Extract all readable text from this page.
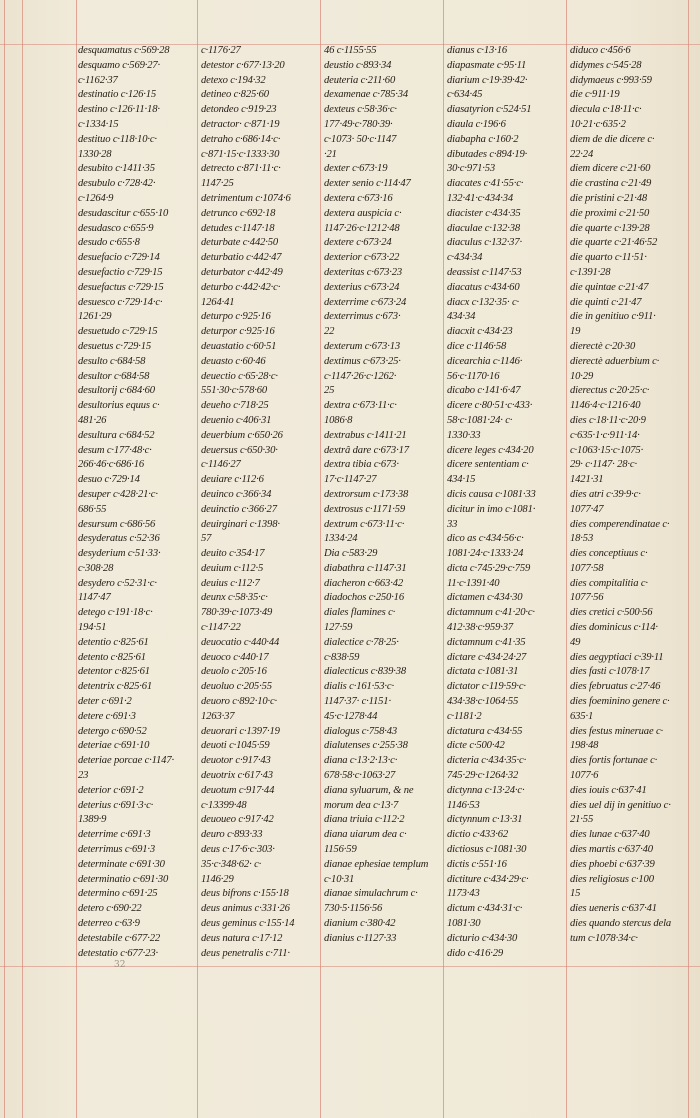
desquamatus c·569·28
desquamo c·569·27·
c·1162·37
destinatio c·126·15
destino c·126·11·18·
c·1334·15
destituo c·118·10·c·
1330·28
desubito c·1411·35
desubulo c·728·42·
c·1264·9
desudascitur c·655·10
desudasco c·655·9
desudo c·655·8
desuefacio c·729·14
desuefactio c·729·15
desuefactus c·729·15
desuesco c·729·14·c·
1261·29
desuetudo c·729·15
desuetus c·729·15
desulto c·684·58
desultor c·684·58
desultorij c·684·60
desultorius equus c·
481·26
desultura c·684·52
desum c·177·48·c·
266·46·c·686·16
desuo c·729·14
desuper c·428·21·c·
686·55
desursum c·686·56
desyderatus c·52·36
desyderium c·51·33·
c·308·28
desydero c·52·31·c·
1147·47
detego c·191·18·c·
194·51
detentio c·825·61
detento c·825·61
detentor c·825·61
detentrix c·825·61
deter c·691·2
detere c·691·3
detergo c·690·52
deteriae c·691·10
deteriae porcae c·1147·
23
deterior c·691·2
deterius c·691·3·c·
1389·9
deterrime c·691·3
deterrimus c·691·3
determinate c·691·30
determinatio c·691·30
determino c·691·25
detero c·690·22
deterreo c·63·9
detestabile c·677·22
detestatio c·677·23·
c·1176·27
detestor c·677·13·20
detexo c·194·32
detineo c·825·60
detondeo c·919·23
detractor· c·871·19
detraho c·686·14·c·
c·871·15·c·1333·30
detrecto c·871·11·c·
1147·25
detrimentum c·1074·6
detrunco c·692·18
detudes c·1147·18
deturbate c·442·50
deturbatio c·442·47
deturbator c·442·49
deturbo c·442·42·c·
1264·41
deturpo c·925·16
deturpor c·925·16
deuastatio c·60·51
deuasto c·60·46
deuectio c·65·28·c·
551·30·c·578·60
deueho c·718·25
deuenio c·406·31
deuerbium c·650·26
deuersus c·650·30·
c·1146·27
deuiare c·112·6
deuinco c·366·34
deuinctio c·366·27
deuirginari c·1398·
57
deuito c·354·17
deuium c·112·5
deuius c·112·7
deunx c·58·35·c·
780·39·c·1073·49
c·1147·22
deuocatio c·440·44
deuoco c·440·17
deuolo c·205·16
deuoluo c·205·55
deuoro c·892·10·c·
1263·37
deuorari c·1397·19
deuoti c·1045·59
deuotor c·917·43
deuotrix c·617·43
deuotum c·917·44
c·13399·48
deuoueo c·917·42
deuro c·893·33
deus c·17·6·c·303·
35·c·348·62· c·
1146·29
deus bifrons c·155·18
deus animus c·331·26
deus geminus c·155·14
deus natura c·17·12
deus penetralis c·711·
46 c·1155·55
deustio c·893·34
deuteria c·211·60
dexamenae c·785·34
dexteus c·58·36·c·
177·49·c·780·39·
c·1073· 50·c·1147
·21
dexter c·673·19
dexter senio c·114·47
dextera c·673·16
dextera auspicia c·
1147·26·c·1212·48
dextere c·673·24
dexterior c·673·22
dexteritas c·673·23
dexterius c·673·24
dexterrime c·673·24
dexterrimus c·673·
22
dexterum c·673·13
dextimus c·673·25·
c·1147·26·c·1262·
25
dextra c·673·11·c·
1086·8
dextrabus c·1411·21
dextrâ dare c·673·17
dextra tibia c·673·
17·c·1147·27
dextrorsum c·173·38
dextrosus c·1171·59
dextrum c·673·11·c·
1334·24
Dia c·583·29
diabathra c·1147·31
diacheron c·663·42
diadochos c·250·16
diales flamines c·
127·59
dialectice c·78·25·
c·838·59
dialecticus c·839·38
dialis c·161·53·c·
1147·37· c·1151·
45·c·1278·44
dialogus c·758·43
dialutenses c·255·38
diana c·13·2·13·c·
678·58·c·1063·27
diana syluarum, & ne
morum dea c·13·7
diana triuia c·112·2
diana uiarum dea c·
1156·59
dianae ephesiae templum
c·10·31
dianae simulachrum c·
730·5·1156·56
dianium c·380·42
dianius c·1127·33
dianus c·13·16
diapasmate c·95·11
diarium c·19·39·42·
c·634·45
diasatyrion c·524·51
diaula c·196·6
diabapha c·160·2
dibutades c·894·19·
30·c·971·53
diacates c·41·55·c·
132·41·c·434·34
diacister c·434·35
diaculae c·132·38
diaculus c·132·37·
c·434·34
deassist c·1147·53
diacatus c·434·60
diacx c·132·35· c·
434·34
diacxit c·434·23
dice c·1146·58
dicearchia c·1146·
56·c·1170·16
dicabo c·141·6·47
dicere c·80·51·c·433·
58·c·1081·24· c·
1330·33
dicere leges c·434·20
dicere sententiam c·
434·15
dicis causa c·1081·33
dicitur in imo c·1081·
33
dico as c·434·56·c·
1081·24·c·1333·24
dicta c·745·29·c·759
11·c·1391·40
dictamen c·434·30
dictamnum c·41·20·c·
412·38·c·959·37
dictamnum c·41·35
dictare c·434·24·27
dictata c·1081·31
dictator c·119·59·c·
434·38·c·1064·55
c·1181·2
dictatura c·434·55
dicte c·500·42
dicteria c·434·35·c·
745·29·c·1264·32
dictynna c·13·24·c·
1146·53
dictynnum c·13·31
dictio c·433·62
dictiosus c·1081·30
dictis c·551·16
dictiture c·434·29·c·
1173·43
dictum c·434·31·c·
1081·30
dicturio c·434·30
dido c·416·29
diduco c·456·6
didymes c·545·28
didymaeus c·993·59
die c·911·19
diecula c·18·11·c·
10·21·c·635·2
diem de die dicere c·
22·24
diem dicere c·21·60
die crastina c·21·49
die pristini c·21·48
die proximi c·21·50
die quarte c·139·28
die quarte c·21·46·52
die quarto c·11·51·
c·1391·28
die quintae c·21·47
die quinti c·21·47
die in genitiuo c·911·
19
dierectè c·20·30
dierectè aduerbium c·
10·29
dierectus c·20·25·c·
1146·4·c·1216·40
dies c·18·11·c·20·9
c·635·1·c·911·14·
c·1063·15·c·1075·
29· c·1147· 28·c·
1421·31
dies atri c·39·9·c·
1077·47
dies comperendinatae c·
18·53
dies conceptiuus c·
1077·58
dies compitalitia c·
1077·56
dies cretici c·500·56
dies dominicus c·114·
49
dies aegyptiaci c·39·11
dies fasti c·1078·17
dies februatus c·27·46
dies foeminino genere c·
635·1
dies festus mineruae c·
198·48
dies fortis fortunae c·
1077·6
dies iouis c·637·41
dies uel dij in genitiuo c·
21·55
dies lunae c·637·40
dies martis c·637·40
dies phoebi c·637·39
dies religiosus c·100
15
dies ueneris c·637·41
dies quando stercus dela
tum c·1078·34·c·
32
